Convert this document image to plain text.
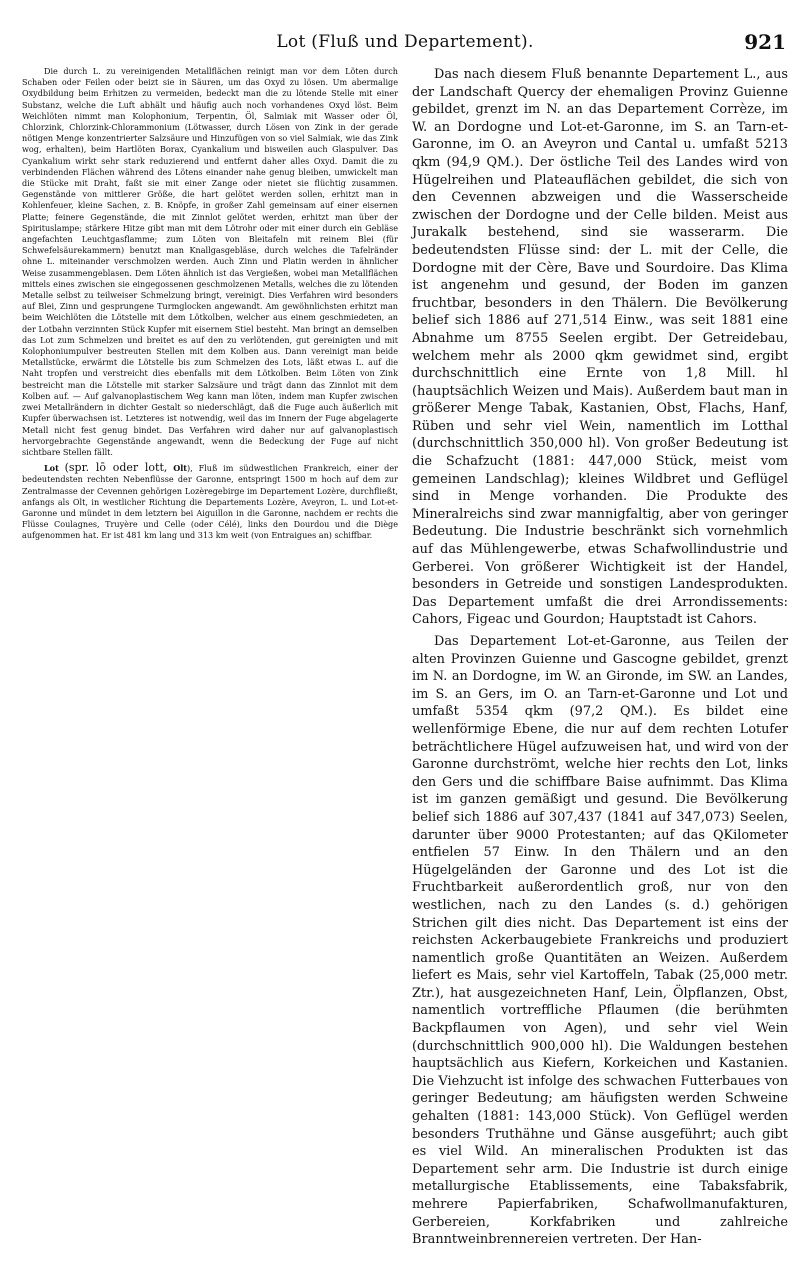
Lot (Fluß und Departement).	921

Die durch L. zu vereinigenden Metallflächen reinigt man vor dem Löten durch Schaben oder Feilen oder beizt sie in Säuren, um das Oxyd zu lösen. Um abermalige Oxydbildung beim Erhitzen zu vermeiden, bedeckt man die zu lötende Stelle mit einer Substanz, welche die Luft abhält und häufig auch noch vorhandenes Oxyd löst. Beim Weichlöten nimmt man Kolophonium, Terpentin, Öl, Salmiak mit Wasser oder Öl, Chlorzink, Chlorzink-Chlorammonium (Lötwasser, durch Lösen von Zink in der gerade nötigen Menge konzentrierter Salzsäure und Hinzufügen von so viel Salmiak, wie das Zink wog, erhalten), beim Hartlöten Borax, Cyankalium und bisweilen auch Glaspulver. Das Cyankalium wirkt sehr stark reduzierend und entfernt daher alles Oxyd. Damit die zu verbindenden Flächen während des Lötens einander nahe genug bleiben, umwickelt man die Stücke mit Draht, faßt sie mit einer Zange oder nietet sie flüchtig zusammen. Gegenstände von mittlerer Größe, die hart gelötet werden sollen, erhitzt man in Kohlenfeuer, kleine Sachen, z. B. Knöpfe, in großer Zahl gemeinsam auf einer eisernen Platte; feinere Gegenstände, die mit Zinnlot gelötet werden, erhitzt man über der Spirituslampe; stärkere Hitze gibt man mit dem Lötrohr oder mit einer durch ein Gebläse angefachten Leuchtgasflamme; zum Löten von Bleitafeln mit reinem Blei (für Schwefelsäurekammern) benutzt man Knallgasgebläse, durch welches die Tafelränder ohne L. miteinander verschmolzen werden. Auch Zinn und Platin werden in ähnlicher Weise zusammengeblasen. Dem Löten ähnlich ist das Vergießen, wobei man Metallflächen mittels eines zwischen sie eingegossenen geschmolzenen Metalls, welches die zu lötenden Metalle selbst zu teilweiser Schmelzung bringt, vereinigt. Dies Verfahren wird besonders auf Blei, Zinn und gesprungene Turmglocken angewandt. Am gewöhnlichsten erhitzt man beim Weichlöten die Lötstelle mit dem Lötkolben, welcher aus einem geschmiedeten, an der Lotbahn verzinnten Stück Kupfer mit eisernem Stiel besteht. Man bringt an demselben das Lot zum Schmelzen und breitet es auf den zu verlötenden, gut gereinigten und mit Kolophoniumpulver bestreuten Stellen mit dem Kolben aus. Dann vereinigt man beide Metallstücke, erwärmt die Lötstelle bis zum Schmelzen des Lots, läßt etwas L. auf die Naht tropfen und verstreicht dies ebenfalls mit dem Lötkolben. Beim Löten von Zink bestreicht man die Lötstelle mit starker Salzsäure und trägt dann das Zinnlot mit dem Kolben auf. — Auf galvanoplastischem Weg kann man löten, indem man Kupfer zwischen zwei Metallrändern in dichter Gestalt so niederschlägt, daß die Fuge auch äußerlich mit Kupfer überwachsen ist. Letzteres ist notwendig, weil das im Innern der Fuge abgelagerte Metall nicht fest genug bindet. Das Verfahren wird daher nur auf galvanoplastisch hervorgebrachte Gegenstände angewandt, wenn die Bedeckung der Fuge auf nicht sichtbare Stellen fällt.

Lot (spr. lō oder lott, Olt), Fluß im südwestlichen Frankreich, einer der bedeutendsten rechten Nebenflüsse der Garonne, entspringt 1500 m hoch auf dem zur Zentralmasse der Cevennen gehörigen Lozèregebirge im Departement Lozère, durchfließt, anfangs als Olt, in westlicher Richtung die Departements Lozère, Aveyron, L. und Lot-et-Garonne und mündet in dem letztern bei Aiguillon in die Garonne, nachdem er rechts die Flüsse Coulagnes, Truyère und Celle (oder Célé), links den Dourdou und die Diège aufgenommen hat. Er ist 481 km lang und 313 km weit (von Entraigues an) schiffbar.

Das nach diesem Fluß benannte Departement L., aus der Landschaft Quercy der ehemaligen Provinz Guienne gebildet, grenzt im N. an das Departement Corrèze, im W. an Dordogne und Lot-et-Garonne, im S. an Tarn-et-Garonne, im O. an Aveyron und Cantal u. umfaßt 5213 qkm (94,9 QM.). Der östliche Teil des Landes wird von Hügelreihen und Plateauflächen gebildet, die sich von den Cevennen abzweigen und die Wasserscheide zwischen der Dordogne und der Celle bilden. Meist aus Jurakalk bestehend, sind sie wasserarm. Die bedeutendsten Flüsse sind: der L. mit der Celle, die Dordogne mit der Cère, Bave und Sourdoire. Das Klima ist angenehm und gesund, der Boden im ganzen fruchtbar, besonders in den Thälern. Die Bevölkerung belief sich 1886 auf 271,514 Einw., was seit 1881 eine Abnahme um 8755 Seelen ergibt. Der Getreidebau, welchem mehr als 2000 qkm gewidmet sind, ergibt durchschnittlich eine Ernte von 1,8 Mill. hl (hauptsächlich Weizen und Mais). Außerdem baut man in größerer Menge Tabak, Kastanien, Obst, Flachs, Hanf, Rüben und sehr viel Wein, namentlich im Lotthal (durchschnittlich 350,000 hl). Von großer Bedeutung ist die Schafzucht (1881: 447,000 Stück, meist vom gemeinen Landschlag); kleines Wildbret und Geflügel sind in Menge vorhanden. Die Produkte des Mineralreichs sind zwar mannigfaltig, aber von geringer Bedeutung. Die Industrie beschränkt sich vornehmlich auf das Mühlengewerbe, etwas Schafwollindustrie und Gerberei. Von größerer Wichtigkeit ist der Handel, besonders in Getreide und sonstigen Landesprodukten. Das Departement umfaßt die drei Arrondissements: Cahors, Figeac und Gourdon; Hauptstadt ist Cahors.

Das Departement Lot-et-Garonne, aus Teilen der alten Provinzen Guienne und Gascogne gebildet, grenzt im N. an Dordogne, im W. an Gironde, im SW. an Landes, im S. an Gers, im O. an Tarn-et-Garonne und Lot und umfaßt 5354 qkm (97,2 QM.). Es bildet eine wellenförmige Ebene, die nur auf dem rechten Lotufer beträchtlichere Hügel aufzuweisen hat, und wird von der Garonne durchströmt, welche hier rechts den Lot, links den Gers und die schiffbare Baise aufnimmt. Das Klima ist im ganzen gemäßigt und gesund. Die Bevölkerung belief sich 1886 auf 307,437 (1841 auf 347,073) Seelen, darunter über 9000 Protestanten; auf das QKilometer entfielen 57 Einw. In den Thälern und an den Hügelgeländen der Garonne und des Lot ist die Fruchtbarkeit außerordentlich groß, nur von den westlichen, nach zu den Landes (s. d.) gehörigen Strichen gilt dies nicht. Das Departement ist eins der reichsten Ackerbaugebiete Frankreichs und produziert namentlich große Quantitäten an Weizen. Außerdem liefert es Mais, sehr viel Kartoffeln, Tabak (25,000 metr. Ztr.), hat ausgezeichneten Hanf, Lein, Ölpflanzen, Obst, namentlich vortreffliche Pflaumen (die berühmten Backpflaumen von Agen), und sehr viel Wein (durchschnittlich 900,000 hl). Die Waldungen bestehen hauptsächlich aus Kiefern, Korkeichen und Kastanien. Die Viehzucht ist infolge des schwachen Futterbaues von geringer Bedeutung; am häufigsten werden Schweine gehalten (1881: 143,000 Stück). Von Geflügel werden besonders Truthähne und Gänse ausgeführt; auch gibt es viel Wild. An mineralischen Produkten ist das Departement sehr arm. Die Industrie ist durch einige metallurgische Etablissements, eine Tabaksfabrik, mehrere Papierfabriken, Schafwollmanufakturen, Gerbereien, Korkfabriken und zahlreiche Branntweinbrennereien vertreten. Der Han-
